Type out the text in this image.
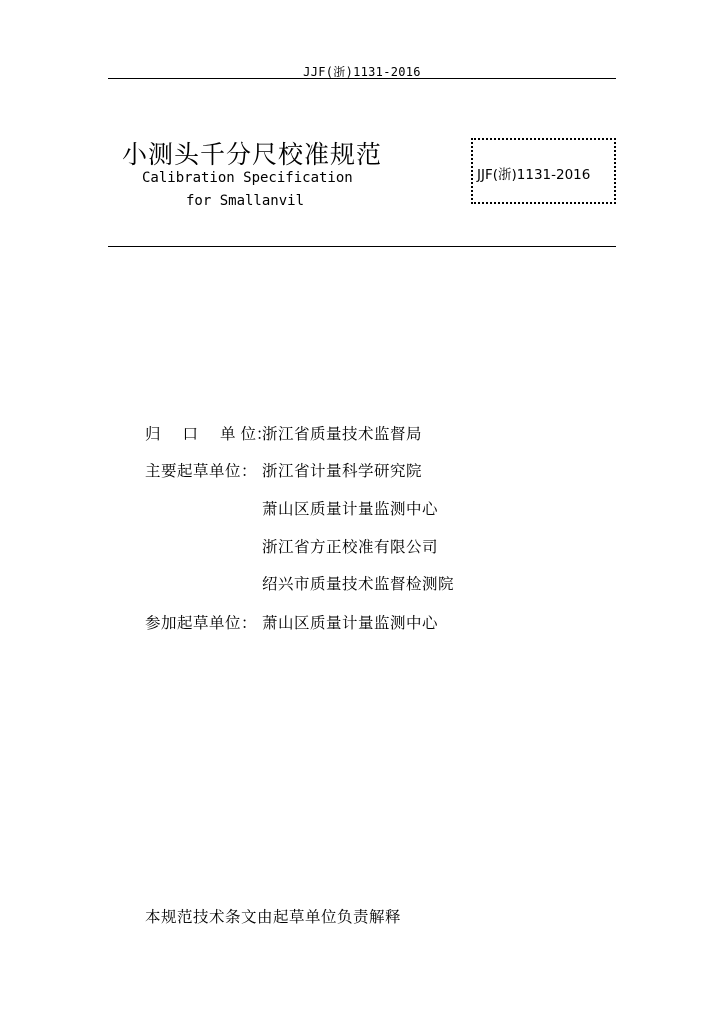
JJF(浙)1131-2016
小测头千分尺校准规范
Calibration Specification
for Smallanvil
JJF(浙)1131-2016
归 口 单 位：
浙江省质量技术监督局
主要起草单位： 浙江省计量科学研究院
萧山区质量计量监测中心
浙江省方正校准有限公司
绍兴市质量技术监督检测院
参加起草单位： 萧山区质量计量监测中心
本规范技术条文由起草单位负责解释
